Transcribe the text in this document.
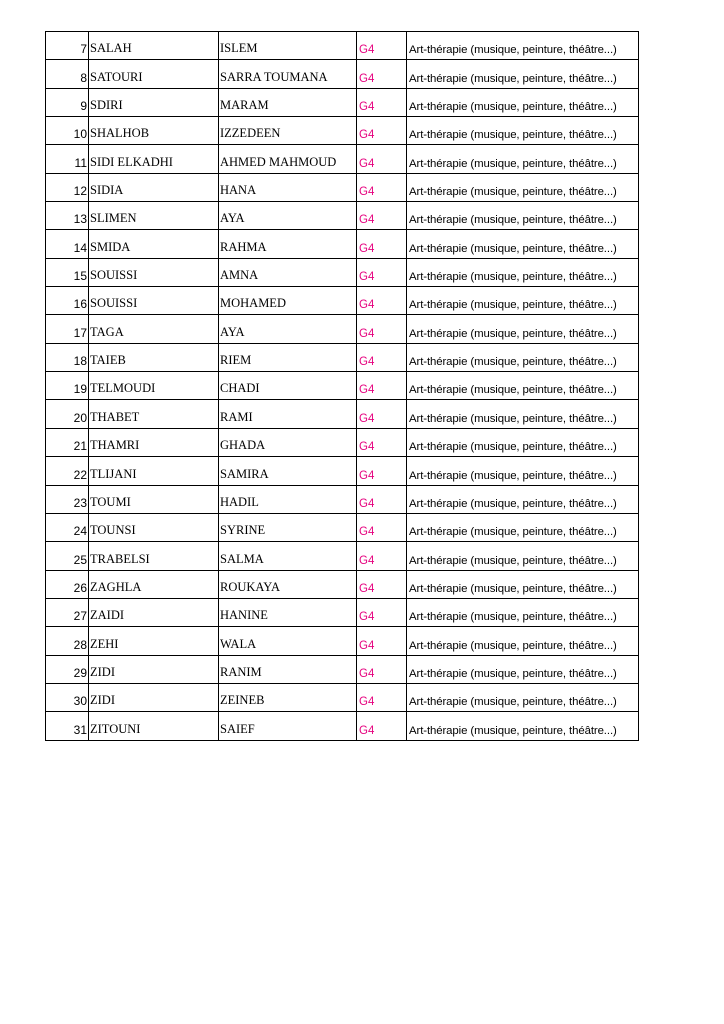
7	SALAH	ISLEM	G4	Art-thérapie (musique, peinture, théâtre...)
8	SATOURI	SARRA TOUMANA	G4	Art-thérapie (musique, peinture, théâtre...)
9	SDIRI	MARAM	G4	Art-thérapie (musique, peinture, théâtre...)
10	SHALHOB	IZZEDEEN	G4	Art-thérapie (musique, peinture, théâtre...)
11	SIDI ELKADHI	AHMED MAHMOUD	G4	Art-thérapie (musique, peinture, théâtre...)
12	SIDIA	HANA	G4	Art-thérapie (musique, peinture, théâtre...)
13	SLIMEN	AYA	G4	Art-thérapie (musique, peinture, théâtre...)
14	SMIDA	RAHMA	G4	Art-thérapie (musique, peinture, théâtre...)
15	SOUISSI	AMNA	G4	Art-thérapie (musique, peinture, théâtre...)
16	SOUISSI	MOHAMED	G4	Art-thérapie (musique, peinture, théâtre...)
17	TAGA	AYA	G4	Art-thérapie (musique, peinture, théâtre...)
18	TAIEB	RIEM	G4	Art-thérapie (musique, peinture, théâtre...)
19	TELMOUDI	CHADI	G4	Art-thérapie (musique, peinture, théâtre...)
20	THABET	RAMI	G4	Art-thérapie (musique, peinture, théâtre...)
21	THAMRI	GHADA	G4	Art-thérapie (musique, peinture, théâtre...)
22	TLIJANI	SAMIRA	G4	Art-thérapie (musique, peinture, théâtre...)
23	TOUMI	HADIL	G4	Art-thérapie (musique, peinture, théâtre...)
24	TOUNSI	SYRINE	G4	Art-thérapie (musique, peinture, théâtre...)
25	TRABELSI	SALMA	G4	Art-thérapie (musique, peinture, théâtre...)
26	ZAGHLA	ROUKAYA	G4	Art-thérapie (musique, peinture, théâtre...)
27	ZAIDI	HANINE	G4	Art-thérapie (musique, peinture, théâtre...)
28	ZEHI	WALA	G4	Art-thérapie (musique, peinture, théâtre...)
29	ZIDI	RANIM	G4	Art-thérapie (musique, peinture, théâtre...)
30	ZIDI	ZEINEB	G4	Art-thérapie (musique, peinture, théâtre...)
31	ZITOUNI	SAIEF	G4	Art-thérapie (musique, peinture, théâtre...)
